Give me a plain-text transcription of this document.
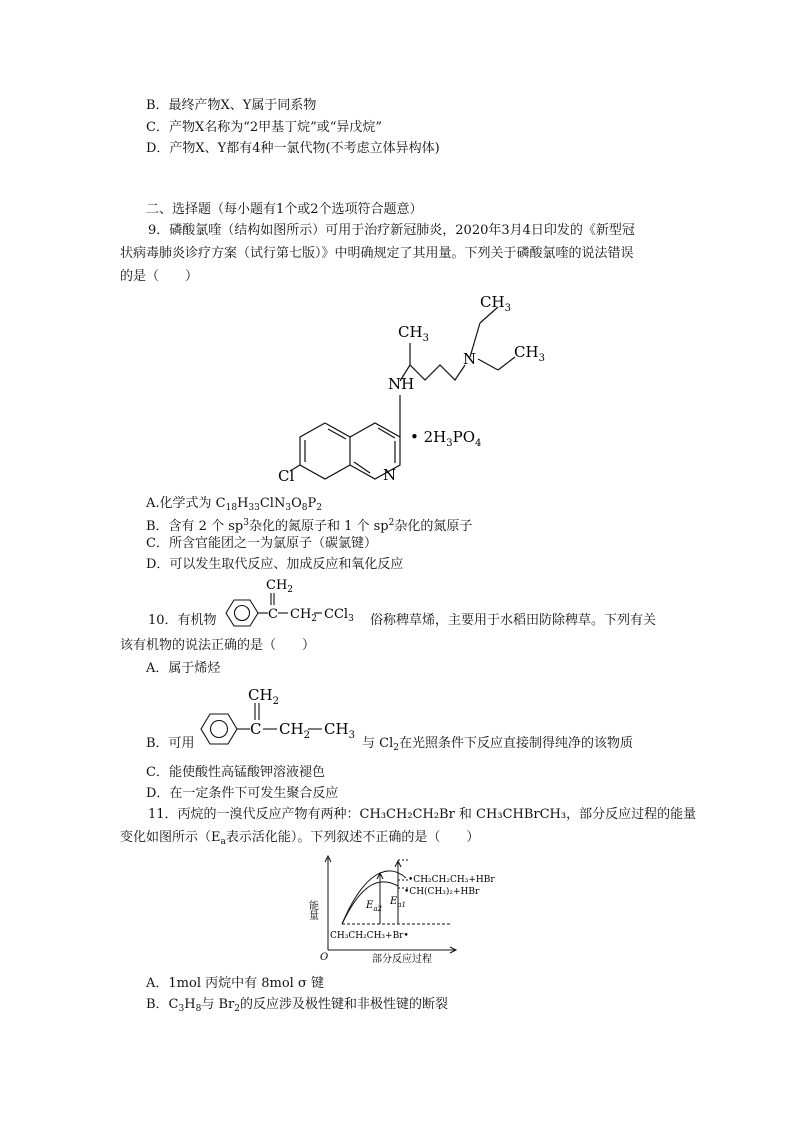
B．最终产物X、Y属于同系物
C．产物X名称为“2甲基丁烷”或“异戊烷”
D．产物X、Y都有4种一氯代物(不考虑立体异构体)
二、选择题（每小题有1个或2个选项符合题意）
9．磷酸氯喹（结构如图所示）可用于治疗新冠肺炎，2020年3月4日印发的《新型冠
状病毒肺炎诊疗方案（试行第七版）》中明确规定了其用量。下列关于磷酸氯喹的说法错误
的是（　　）
$CH_3$
$CH_3$
$CH_3$
N
NH
Cl	N
• $2H_3PO_4$
A.化学式为 $C_{18}H_{33}ClN_3O_8P_2$
B．含有 2 个 $sp^3$杂化的氮原子和 1 个 $sp^2$杂化的氮原子
C．所含官能团之一为氯原子（碳氯键）
D．可以发生取代反应、加成反应和氧化反应
$CH_2$
C $CH_2$ CCl$_3$
10．有机物	俗称稗草烯，主要用于水稻田防除稗草。下列有关
该有机物的说法正确的是（　　）
A．属于烯烃
$CH_2$
C $CH_2$ $CH_3$
B．可用	与 $Cl_2$在光照条件下反应直接制得纯净的该物质
C．能使酸性高锰酸钾溶液褪色
D．在一定条件下可发生聚合反应
11．丙烷的一溴代反应产物有两种：CH₃CH₂CH₂Br 和 CH₃CHBrCH₃，部分反应过程的能量
变化如图所示（$E_a$表示活化能）。下列叙述不正确的是（　　）
能量
O	部分反应过程
$E_{a2}$
$E_{a1}$
•CH₂CH₂CH₃+HBr
•CH(CH₃)₂+HBr
CH₃CH₂CH₃+Br•
A．1mol 丙烷中有 8mol σ 键
B．$C_3H_8$与 $Br_2$的反应涉及极性键和非极性键的断裂
